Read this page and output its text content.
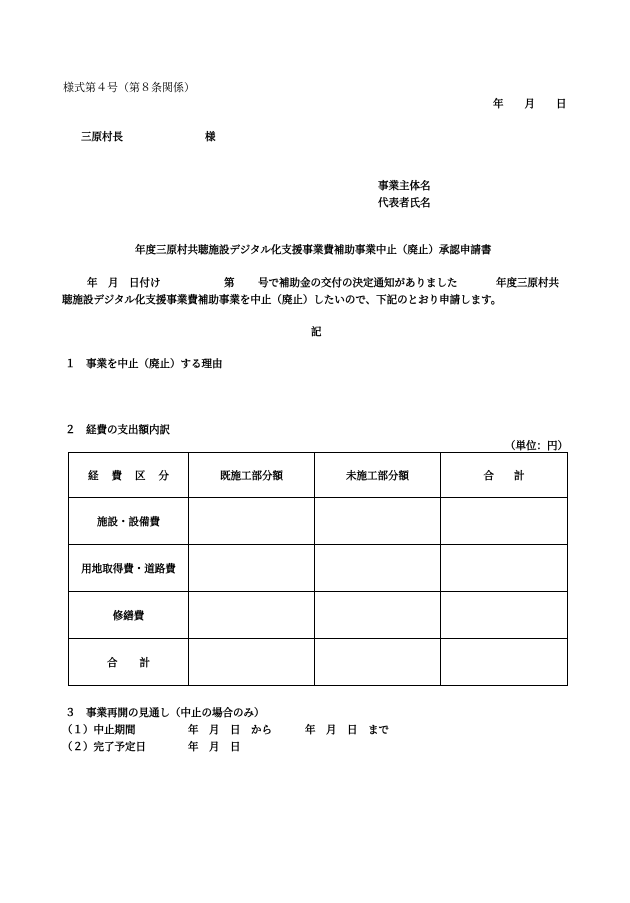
様式第４号（第８条関係）
年　　月　　日
三原村長	様
事業主体名
代表者氏名
年度三原村共聴施設デジタル化支援事業費補助事業中止（廃止）承認申請書
年　月 日付け	第 号で補助金の交付の決定通知がありました	年度三原村共
聴施設デジタル化支援事業費補助事業を中止（廃止）したいので、下記のとおり申請します。
記
１ 事業を中止（廃止）する理由
２ 経費の支出額内訳
（単位：円）
経費区分	既施工部分額	未施工部分額	合計
施設・設備費			
用地取得費・道路費			
修繕費			
合計			
３ 事業再開の見通し（中止の場合のみ）
（１）中止期間	年　月　日　から	年　月　日　まで
（２）完了予定日	年　月　日
